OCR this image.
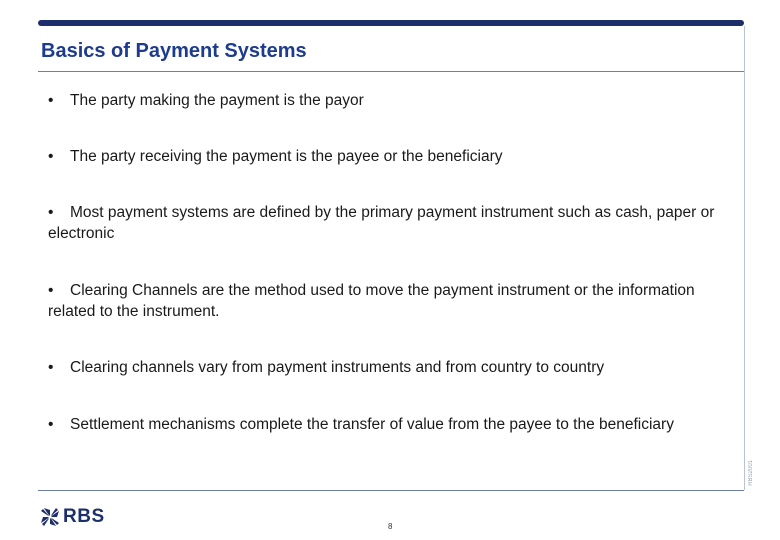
Basics of Payment Systems
• The party making the payment is the payor
• The party receiving the payment is the payee or the beneficiary
• Most payment systems are defined by the primary payment instrument such as cash, paper or electronic
• Clearing Channels are the method used to move the payment instrument or the information related to the instrument.
• Clearing channels vary from payment instruments and from country to country
• Settlement mechanisms complete the transfer of value from the payee to the beneficiary
RBS2001
RBS	8
